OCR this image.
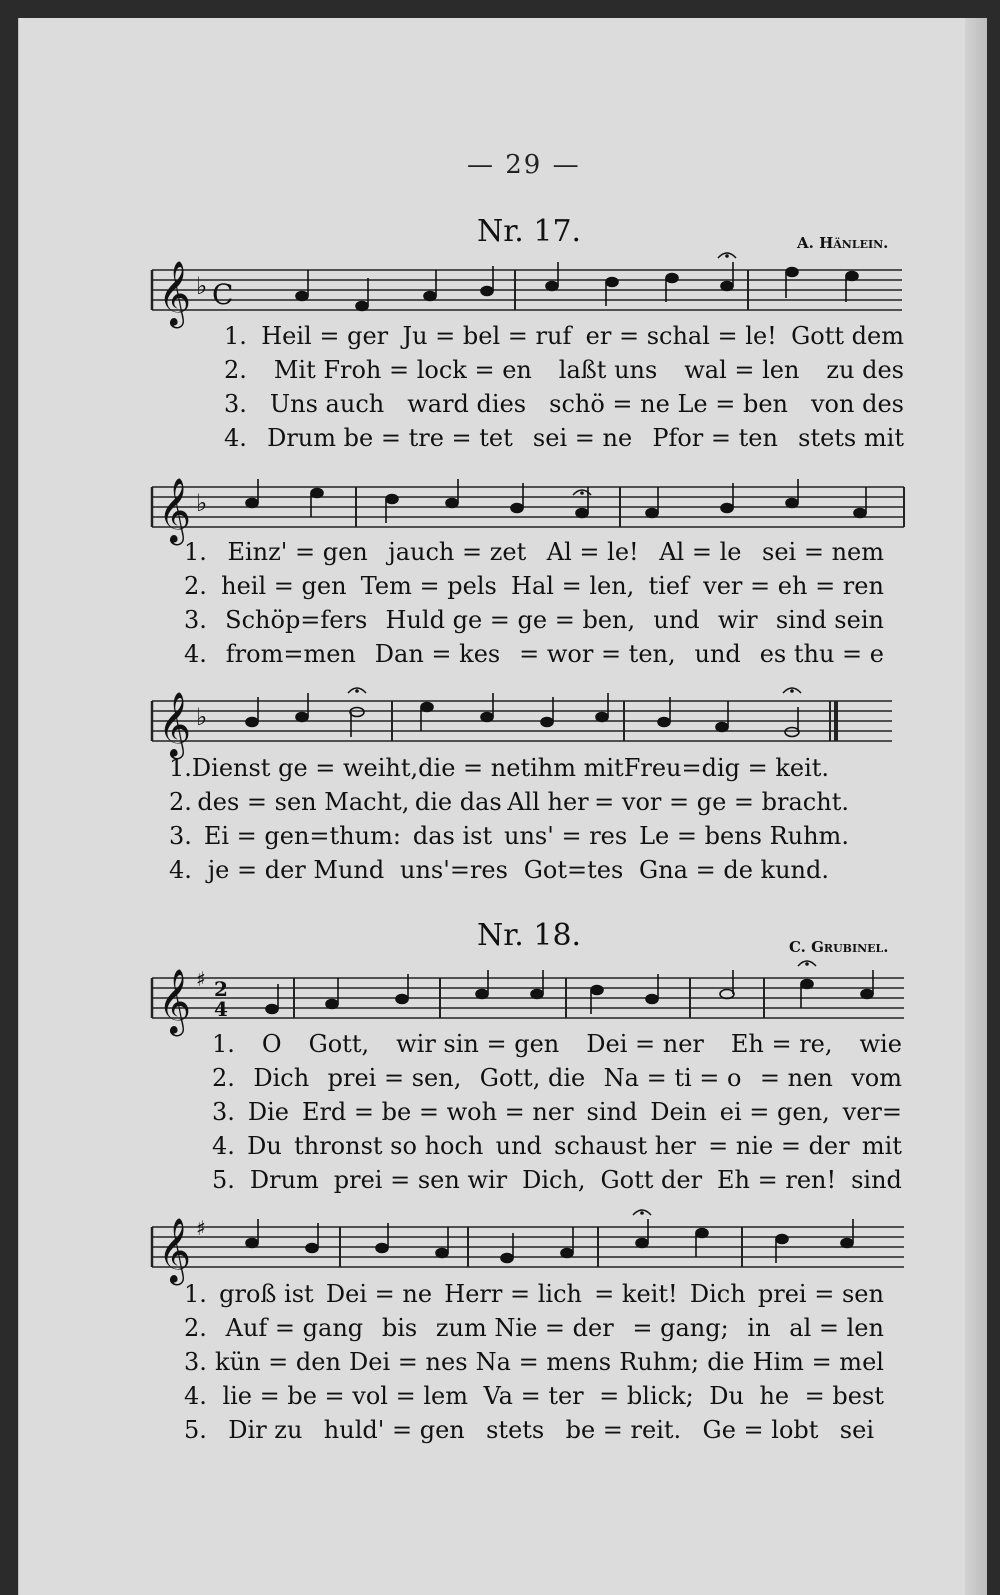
— 29 —
Nr. 17.	A. Hänlein.
𝄞 ♭ C
1. Heil = ger Ju = bel = ruf er = schal = le! Gott dem
2. Mit Froh = lock = en laßt uns wal = len zu des
3. Uns auch ward dies schö = ne Le = ben von des
4. Drum be = tre = tet sei = ne Pfor = ten stets mit
𝄞 ♭
1. Einz' = gen jauch = zet Al = le! Al = le sei = nem
2. heil = gen Tem = pels Hal = len, tief ver = eh = ren
3. Schöp=fers Huld ge = ge = ben, und wir sind sein
4. from=men Dan = kes = wor = ten, und es thu = e
𝄞 ♭
1. Dienst ge = weiht, die = net ihm mit Freu=dig = keit.
2. des = sen Macht, die das All her = vor = ge = bracht.
3. Ei = gen=thum: das ist uns' = res Le = bens Ruhm.
4. je = der Mund uns'=res Got=tes Gna = de kund.
Nr. 18.	C. Grubinel.
𝄞 ♯ 2
4
1. O Gott, wir sin = gen Dei = ner Eh = re, wie
2. Dich prei = sen, Gott, die Na = ti = o = nen vom
3. Die Erd = be = woh = ner sind Dein ei = gen, ver=
4. Du thronst so hoch und schaust her = nie = der mit
5. Drum prei = sen wir Dich, Gott der Eh = ren! sind
𝄞 ♯
1. groß ist Dei = ne Herr = lich = keit! Dich prei = sen
2. Auf = gang bis zum Nie = der = gang; in al = len
3. kün = den Dei = nes Na = mens Ruhm; die Him = mel
4. lie = be = vol = lem Va = ter = blick; Du he = best
5. Dir zu huld' = gen stets be = reit. Ge = lobt sei
